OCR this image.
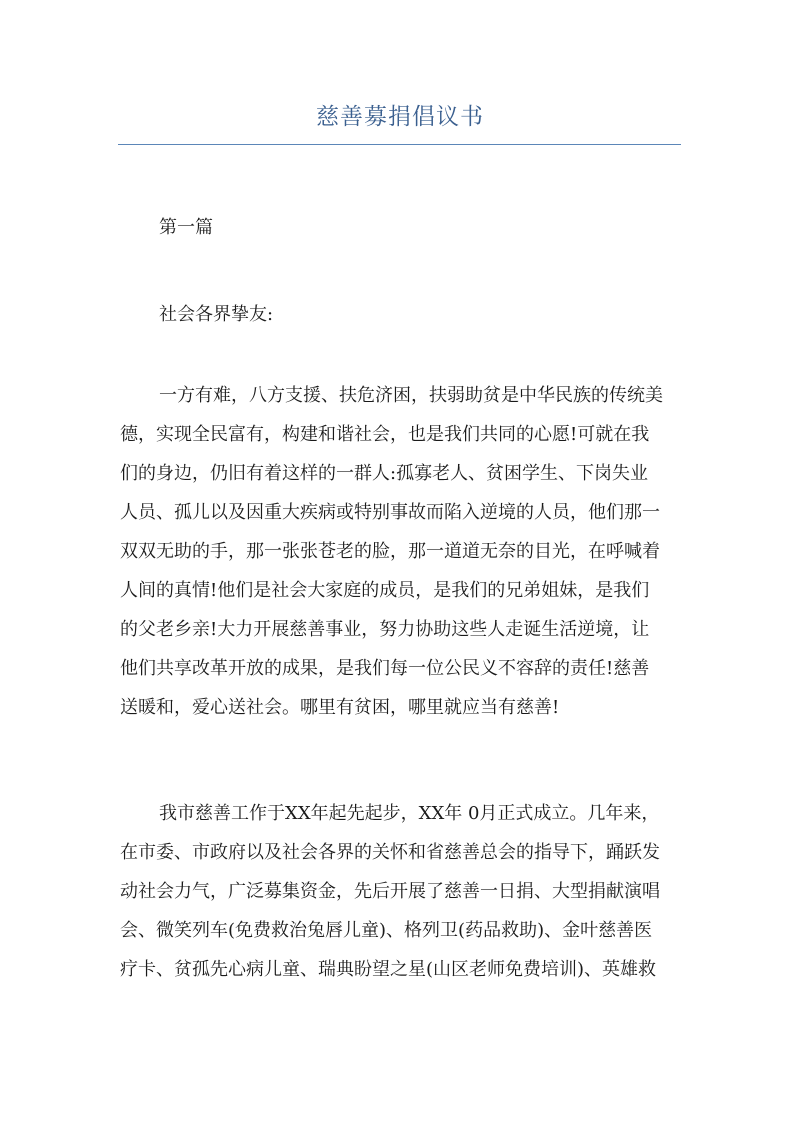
慈善募捐倡议书
第一篇
社会各界挚友:
一方有难，八方支援、扶危济困，扶弱助贫是中华民族的传统美
德，实现全民富有，构建和谐社会，也是我们共同的心愿!可就在我
们的身边，仍旧有着这样的一群人:孤寡老人、贫困学生、下岗失业
人员、孤儿以及因重大疾病或特别事故而陷入逆境的人员，他们那一
双双无助的手，那一张张苍老的脸，那一道道无奈的目光，在呼喊着
人间的真情!他们是社会大家庭的成员，是我们的兄弟姐妹，是我们
的父老乡亲!大力开展慈善事业，努力协助这些人走诞生活逆境，让
他们共享改革开放的成果，是我们每一位公民义不容辞的责任!慈善
送暖和，爱心送社会。哪里有贫困，哪里就应当有慈善!
我市慈善工作于XX年起先起步，XX年 0月正式成立。几年来，
在市委、市政府以及社会各界的关怀和省慈善总会的指导下，踊跃发
动社会力气，广泛募集资金，先后开展了慈善一日捐、大型捐献演唱
会、微笑列车(免费救治兔唇儿童)、格列卫(药品救助)、金叶慈善医
疗卡、贫孤先心病儿童、瑞典盼望之星(山区老师免费培训)、英雄救
